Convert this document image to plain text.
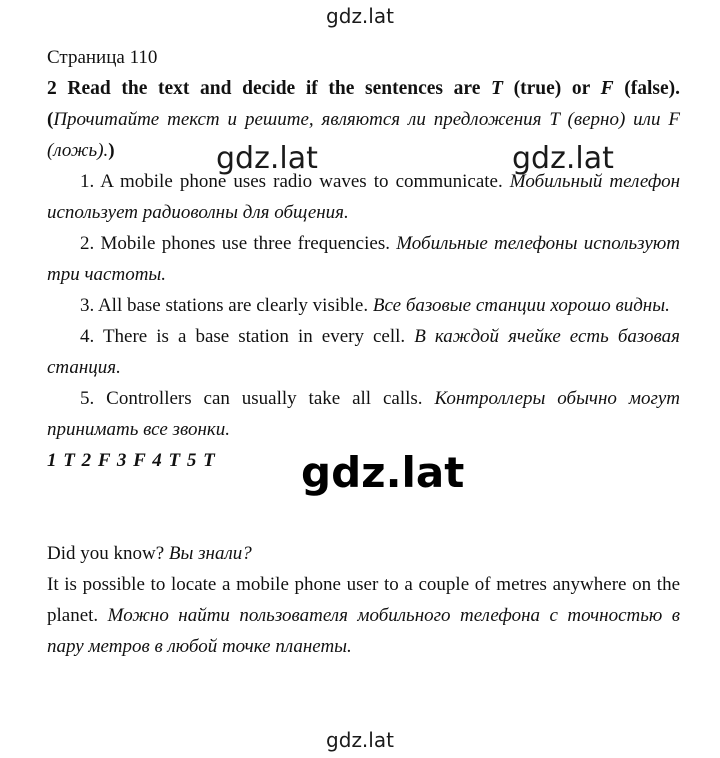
gdz.lat
Страница 110
2 Read the text and decide if the sentences are T (true) or F (false).
(Прочитайте текст и решите, являются ли предложения T (верно) или F (ложь).)
1. A mobile phone uses radio waves to communicate. Мобильный телефон использует радиоволны для общения.
2. Mobile phones use three frequencies. Мобильные телефоны используют три частоты.
3. All base stations are clearly visible. Все базовые станции хорошо видны.
4. There is a base station in every cell. В каждой ячейке есть базовая станция.
5. Controllers can usually take all calls. Контроллеры обычно могут принимать все звонки.
1 T 2 F 3 F 4 T 5 T
Did you know? Вы знали?
It is possible to locate a mobile phone user to a couple of metres anywhere on the planet. Можно найти пользователя мобильного телефона с точностью в пару метров в любой точке планеты.
gdz.lat	gdz.lat
gdz.lat
gdz.lat
